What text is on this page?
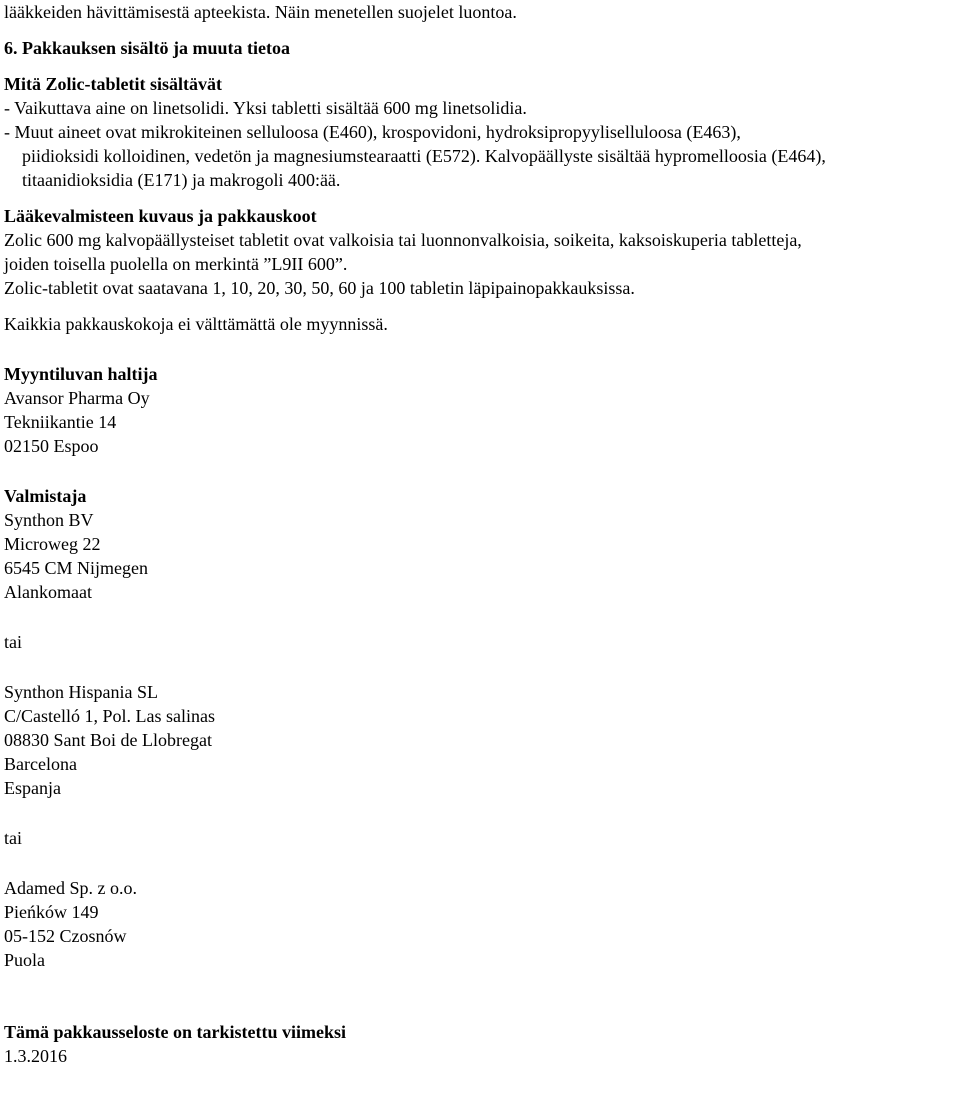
lääkkeiden hävittämisestä apteekista. Näin menetellen suojelet luontoa.

6. Pakkauksen sisältö ja muuta tietoa

Mitä Zolic-tabletit sisältävät

- Vaikuttava aine on linetsolidi. Yksi tabletti sisältää 600 mg linetsolidia.

- Muut aineet ovat mikrokiteinen selluloosa (E460), krospovidoni, hydroksipropyyliselluloosa (E463),

piidioksidi kolloidinen, vedetön ja magnesiumstearaatti (E572). Kalvopäällyste sisältää hypromelloosia (E464),

titaanidioksidia (E171) ja makrogoli 400:ää.

Lääkevalmisteen kuvaus ja pakkauskoot

Zolic 600 mg kalvopäällysteiset tabletit ovat valkoisia tai luonnonvalkoisia, soikeita, kaksoiskuperia tabletteja,

joiden toisella puolella on merkintä ”L9II 600”.

Zolic-tabletit ovat saatavana 1, 10, 20, 30, 50, 60 ja 100 tabletin läpipainopakkauksissa.

Kaikkia pakkauskokoja ei välttämättä ole myynnissä.

Myyntiluvan haltija

Avansor Pharma Oy

Tekniikantie 14

02150 Espoo

Valmistaja

Synthon BV

Microweg 22

6545 CM Nijmegen

Alankomaat

tai

Synthon Hispania SL

C/Castelló 1, Pol. Las salinas

08830 Sant Boi de Llobregat

Barcelona

Espanja

tai

Adamed Sp. z o.o.

Pieńków 149

05-152 Czosnów

Puola

Tämä pakkausseloste on tarkistettu viimeksi

1.3.2016
